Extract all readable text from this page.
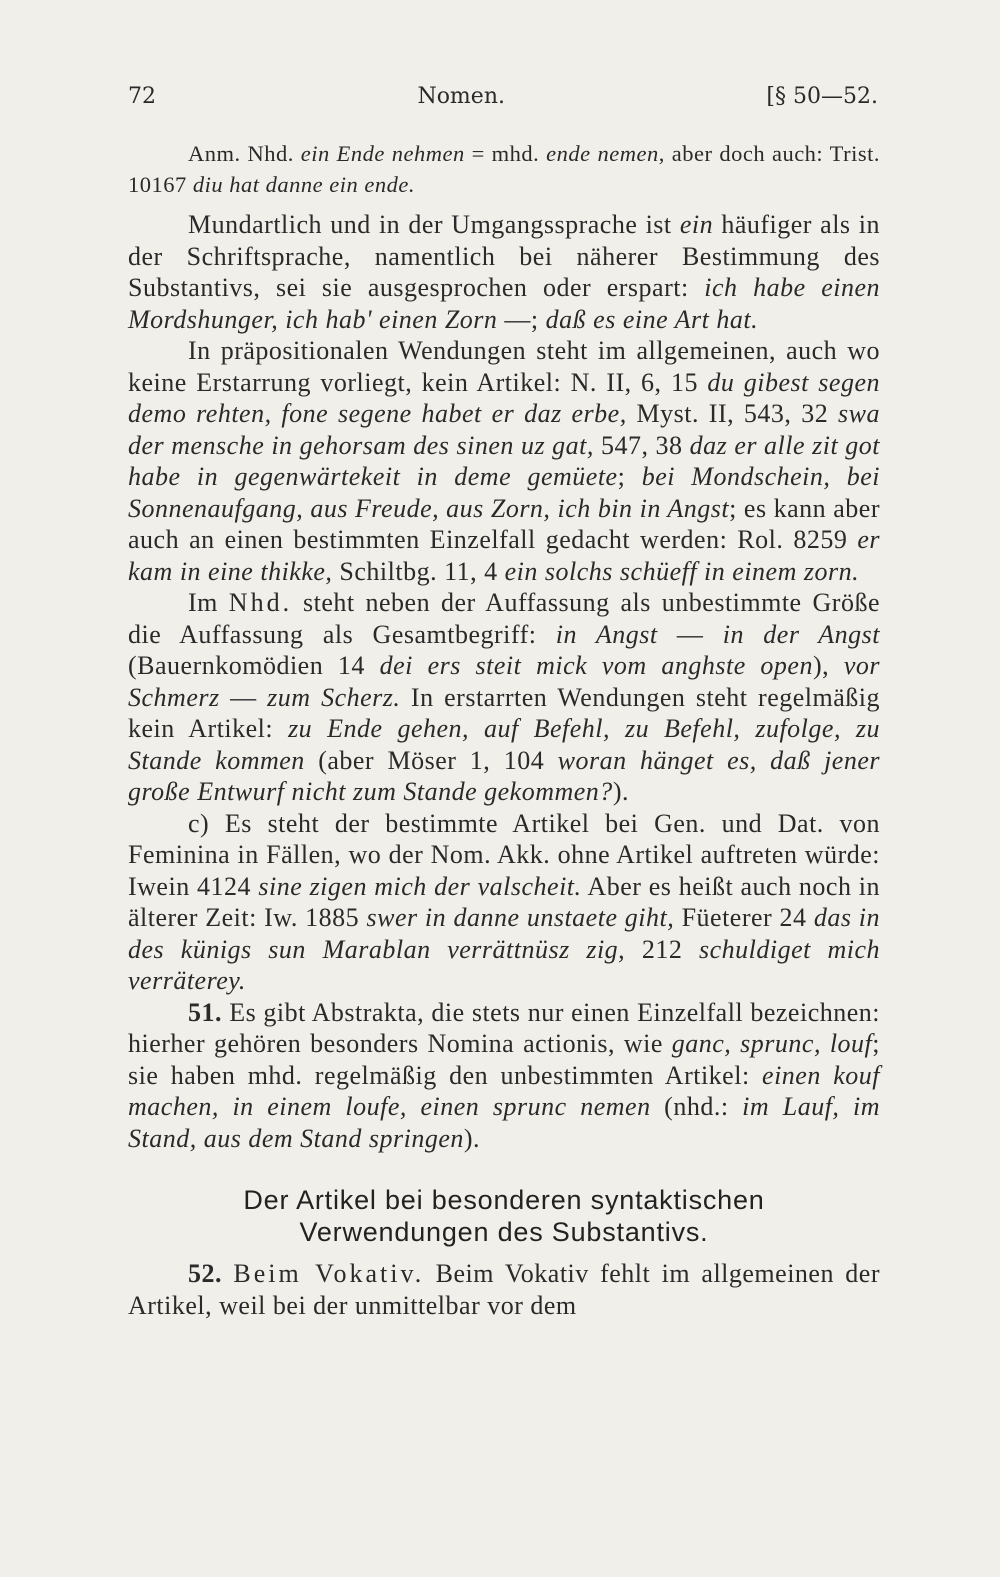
72	Nomen.	[§ 50—52.

Anm. Nhd. ein Ende nehmen = mhd. ende nemen, aber doch auch: Trist. 10167 diu hat danne ein ende.

Mundartlich und in der Umgangssprache ist ein häufiger als in der Schriftsprache, namentlich bei näherer Bestimmung des Substantivs, sei sie ausgesprochen oder erspart: ich habe einen Mordshunger, ich hab' einen Zorn —; daß es eine Art hat.

In präpositionalen Wendungen steht im allgemeinen, auch wo keine Erstarrung vorliegt, kein Artikel: N. II, 6, 15 du gibest segen demo rehten, fone segene habet er daz erbe, Myst. II, 543, 32 swa der mensche in gehorsam des sinen uz gat, 547, 38 daz er alle zit got habe in gegenwärtekeit in deme gemüete; bei Mondschein, bei Sonnenaufgang, aus Freude, aus Zorn, ich bin in Angst; es kann aber auch an einen bestimmten Einzelfall gedacht werden: Rol. 8259 er kam in eine thikke, Schiltbg. 11, 4 ein solchs schüeff in einem zorn.

Im Nhd. steht neben der Auffassung als unbestimmte Größe die Auffassung als Gesamtbegriff: in Angst — in der Angst (Bauernkomödien 14 dei ers steit mick vom anghste open), vor Schmerz — zum Scherz. In erstarrten Wendungen steht regelmäßig kein Artikel: zu Ende gehen, auf Befehl, zu Befehl, zufolge, zu Stande kommen (aber Möser 1, 104 woran hänget es, daß jener große Entwurf nicht zum Stande gekommen?).

c) Es steht der bestimmte Artikel bei Gen. und Dat. von Feminina in Fällen, wo der Nom. Akk. ohne Artikel auftreten würde: Iwein 4124 sine zigen mich der valscheit. Aber es heißt auch noch in älterer Zeit: Iw. 1885 swer in danne unstaete giht, Füeterer 24 das in des künigs sun Marablan verrättnüsz zig, 212 schuldiget mich verräterey.

51. Es gibt Abstrakta, die stets nur einen Einzelfall bezeichnen: hierher gehören besonders Nomina actionis, wie ganc, sprunc, louf; sie haben mhd. regelmäßig den unbestimmten Artikel: einen kouf machen, in einem loufe, einen sprunc nemen (nhd.: im Lauf, im Stand, aus dem Stand springen).

Der Artikel bei besonderen syntaktischen
Verwendungen des Substantivs.

52. Beim Vokativ. Beim Vokativ fehlt im allgemeinen der Artikel, weil bei der unmittelbar vor dem
